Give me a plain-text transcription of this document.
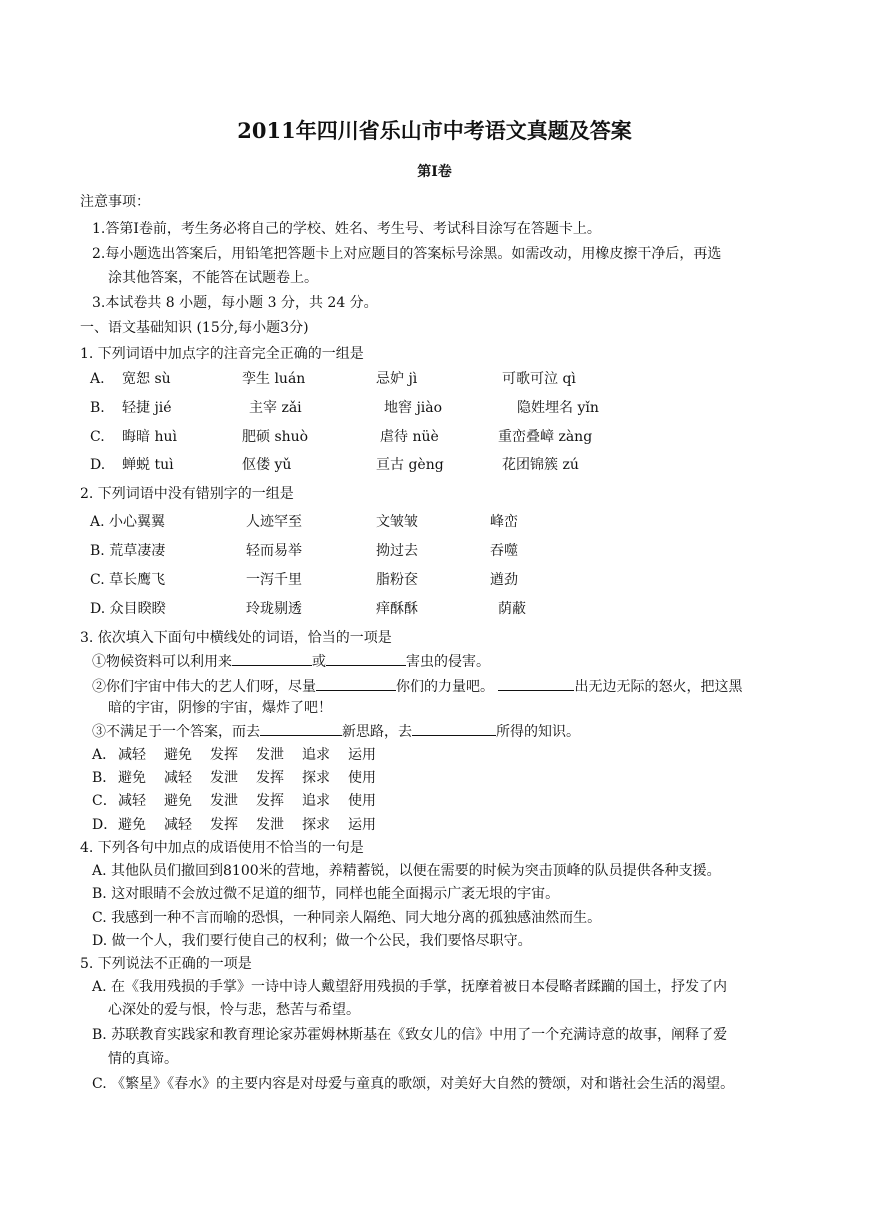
2011年四川省乐山市中考语文真题及答案
第Ⅰ卷
注意事项：
1.答第Ⅰ卷前，考生务必将自己的学校、姓名、考生号、考试科目涂写在答题卡上。
2.每小题选出答案后，用铅笔把答题卡上对应题目的答案标号涂黑。如需改动，用橡皮擦干净后，再选
涂其他答案，不能答在试题卷上。
3.本试卷共 8 小题，每小题 3 分，共 24 分。
一、语文基础知识 (15分,每小题3分)
1. 下列词语中加点字的注音完全正确的一组是
A. 宽恕 sù	孪生 luán	忌妒 jì	可歌可泣 qì
B. 轻捷 jié	主宰 zǎi	地窖 jiào	隐姓埋名 yǐn
C. 晦暗 huì	肥硕 shuò	虐待 nüè	重峦叠嶂 zàng
D. 蝉蜕 tuì	伛偻 yǔ	亘古 gèng	花团锦簇 zú
2. 下列词语中没有错别字的一组是
A. 小心翼翼	人迹罕至	文皱皱	峰峦
B. 荒草凄凄	轻而易举	拗过去	吞噬
C. 草长鹰飞	一泻千里	脂粉奁	遒劲
D. 众目睽睽	玲珑剔透	痒酥酥	荫蔽
3. 依次填入下面句中横线处的词语，恰当的一项是
①物候资料可以利用来	或	害虫的侵害。
②你们宇宙中伟大的艺人们呀，尽量	你们的力量吧。	出无边无际的怒火，把这黑
暗的宇宙，阴惨的宇宙，爆炸了吧！
③不满足于一个答案，而去	新思路，去	所得的知识。
A． 减轻 避免 发挥 发泄 追求 运用
B． 避免 减轻 发泄 发挥 探求 使用
C． 减轻 避免 发泄 发挥 追求 使用
D． 避免 减轻 发挥 发泄 探求 运用
4. 下列各句中加点的成语使用不恰当的一句是
A. 其他队员们撤回到8100米的营地，养精蓄锐，以便在需要的时候为突击顶峰的队员提供各种支援。
B. 这对眼睛不会放过微不足道的细节，同样也能全面揭示广袤无垠的宇宙。
C. 我感到一种不言而喻的恐惧，一种同亲人隔绝、同大地分离的孤独感油然而生。
D. 做一个人，我们要行使自己的权利；做一个公民，我们要恪尽职守。
5. 下列说法不正确的一项是
A. 在《我用残损的手掌》一诗中诗人戴望舒用残损的手掌，抚摩着被日本侵略者蹂躏的国土，抒发了内
心深处的爱与恨，怜与悲，愁苦与希望。
B. 苏联教育实践家和教育理论家苏霍姆林斯基在《致女儿的信》中用了一个充满诗意的故事，阐释了爱
情的真谛。
C. 《繁星》《春水》的主要内容是对母爱与童真的歌颂，对美好大自然的赞颂，对和谐社会生活的渴望。
